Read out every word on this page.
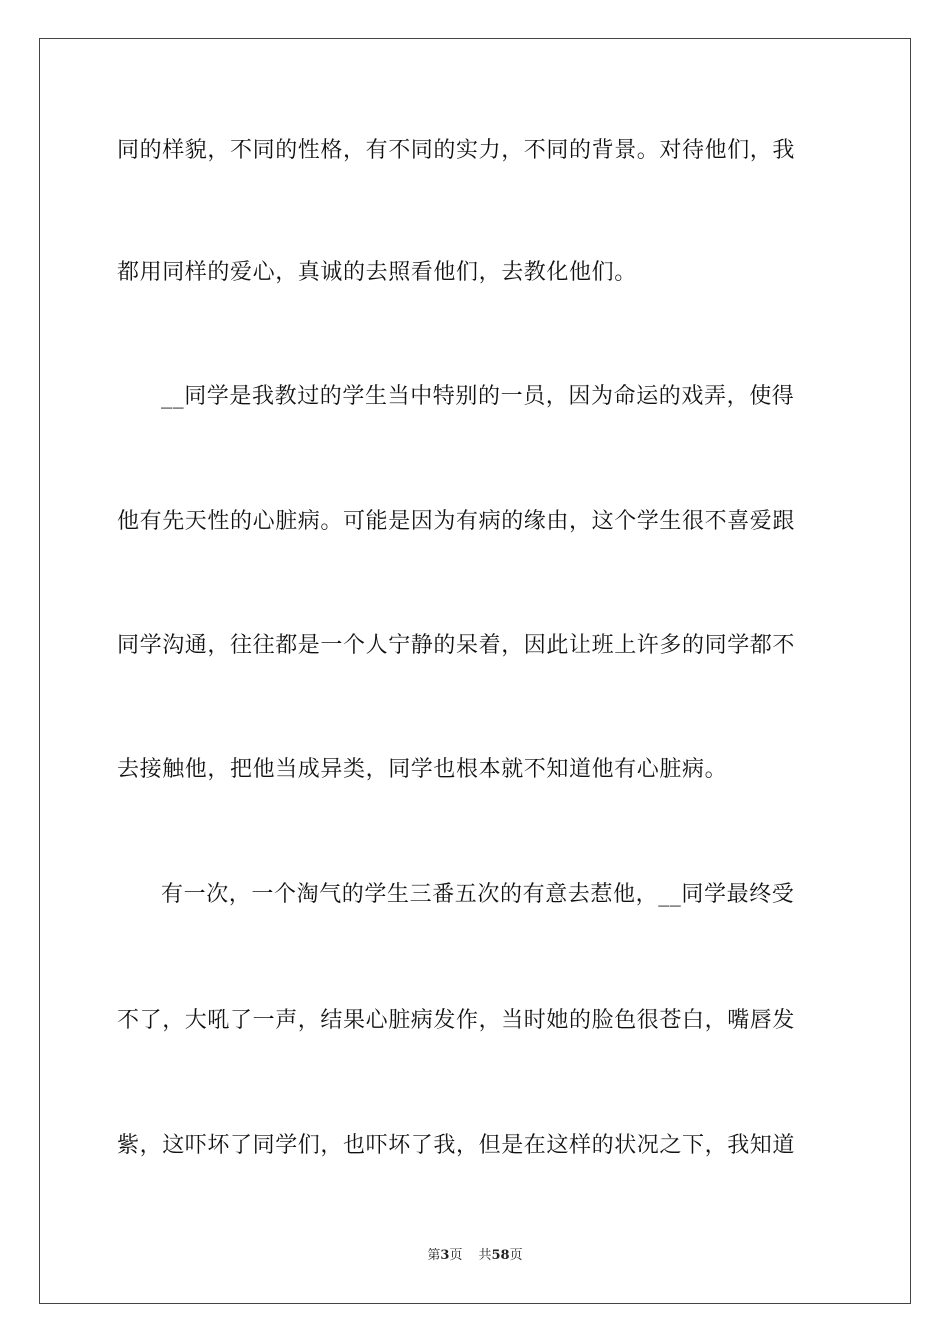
同的样貌，不同的性格，有不同的实力，不同的背景。对待他们，我
都用同样的爱心，真诚的去照看他们，去教化他们。
__同学是我教过的学生当中特别的一员，因为命运的戏弄，使得
他有先天性的心脏病。可能是因为有病的缘由，这个学生很不喜爱跟
同学沟通，往往都是一个人宁静的呆着，因此让班上许多的同学都不
去接触他，把他当成异类，同学也根本就不知道他有心脏病。
有一次，一个淘气的学生三番五次的有意去惹他，__同学最终受
不了，大吼了一声，结果心脏病发作，当时她的脸色很苍白，嘴唇发
紫，这吓坏了同学们，也吓坏了我，但是在这样的状况之下，我知道
第3页 共58页
